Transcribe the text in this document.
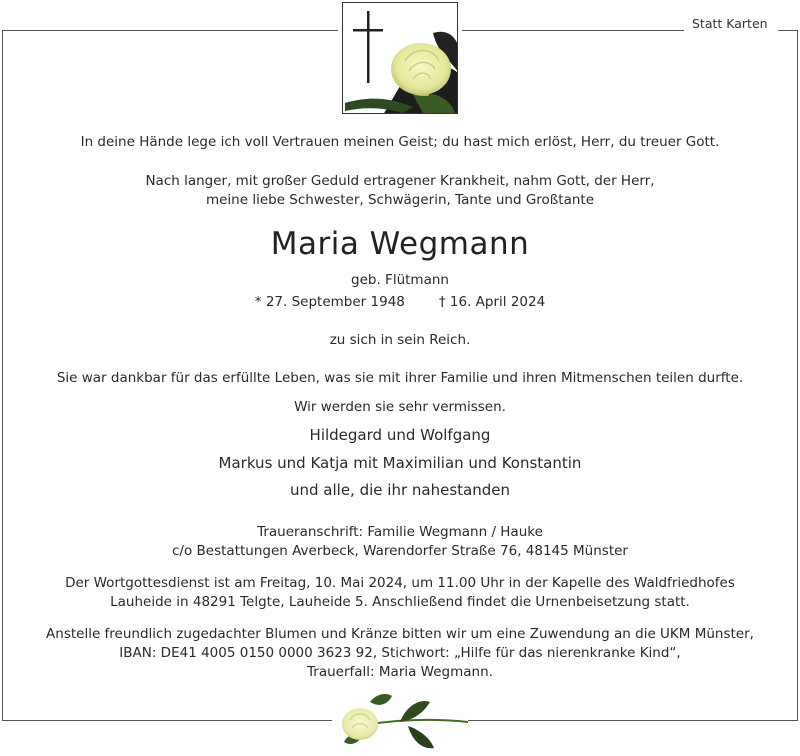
Statt Karten
In deine Hände lege ich voll Vertrauen meinen Geist; du hast mich erlöst, Herr, du treuer Gott.
Nach langer, mit großer Geduld ertragener Krankheit, nahm Gott, der Herr,
meine liebe Schwester, Schwägerin, Tante und Großtante
Maria Wegmann
geb. Flütmann
* 27. September 1948	† 16. April 2024
zu sich in sein Reich.
Sie war dankbar für das erfüllte Leben, was sie mit ihrer Familie und ihren Mitmenschen teilen durfte.
Wir werden sie sehr vermissen.
Hildegard und Wolfgang
Markus und Katja mit Maximilian und Konstantin
und alle, die ihr nahestanden
Traueranschrift: Familie Wegmann / Hauke
c/o Bestattungen Averbeck, Warendorfer Straße 76, 48145 Münster
Der Wortgottesdienst ist am Freitag, 10. Mai 2024, um 11.00 Uhr in der Kapelle des Waldfriedhofes
Lauheide in 48291 Telgte, Lauheide 5. Anschließend findet die Urnenbeisetzung statt.
Anstelle freundlich zugedachter Blumen und Kränze bitten wir um eine Zuwendung an die UKM Münster,
IBAN: DE41 4005 0150 0000 3623 92, Stichwort: „Hilfe für das nierenkranke Kind“,
Trauerfall: Maria Wegmann.
